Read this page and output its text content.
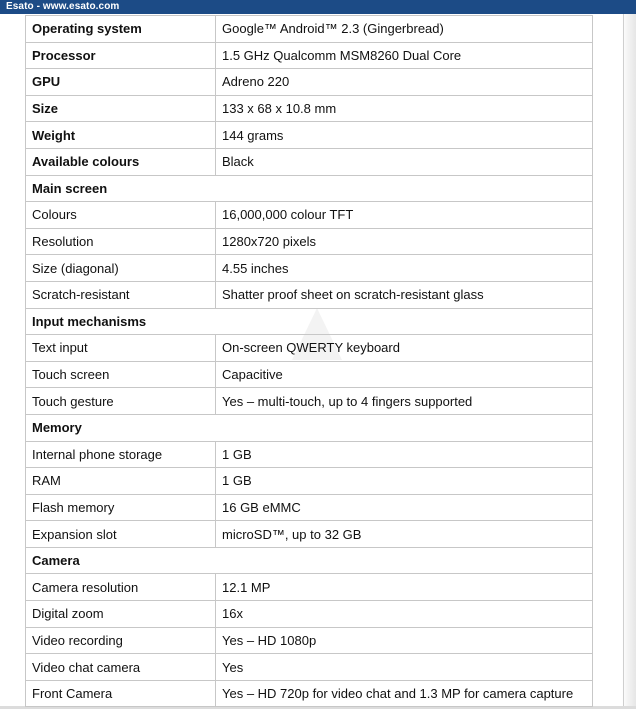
Esato - www.esato.com
Operating system	Google™ Android™ 2.3 (Gingerbread)
Processor	1.5 GHz Qualcomm MSM8260 Dual Core
GPU	Adreno 220
Size	133 x 68 x 10.8 mm
Weight	144 grams
Available colours	Black
Main screen	
Colours	16,000,000 colour TFT
Resolution	1280x720 pixels
Size (diagonal)	4.55 inches
Scratch-resistant	Shatter proof sheet on scratch-resistant glass
Input mechanisms	
Text input	On-screen QWERTY keyboard
Touch screen	Capacitive
Touch gesture	Yes – multi-touch, up to 4 fingers supported
Memory	
Internal phone storage	1 GB
RAM	1 GB
Flash memory	16 GB eMMC
Expansion slot	microSD™, up to 32 GB
Camera	
Camera resolution	12.1 MP
Digital zoom	16x
Video recording	Yes – HD 1080p
Video chat camera	Yes
Front Camera	Yes – HD 720p for video chat and 1.3 MP for camera capture
